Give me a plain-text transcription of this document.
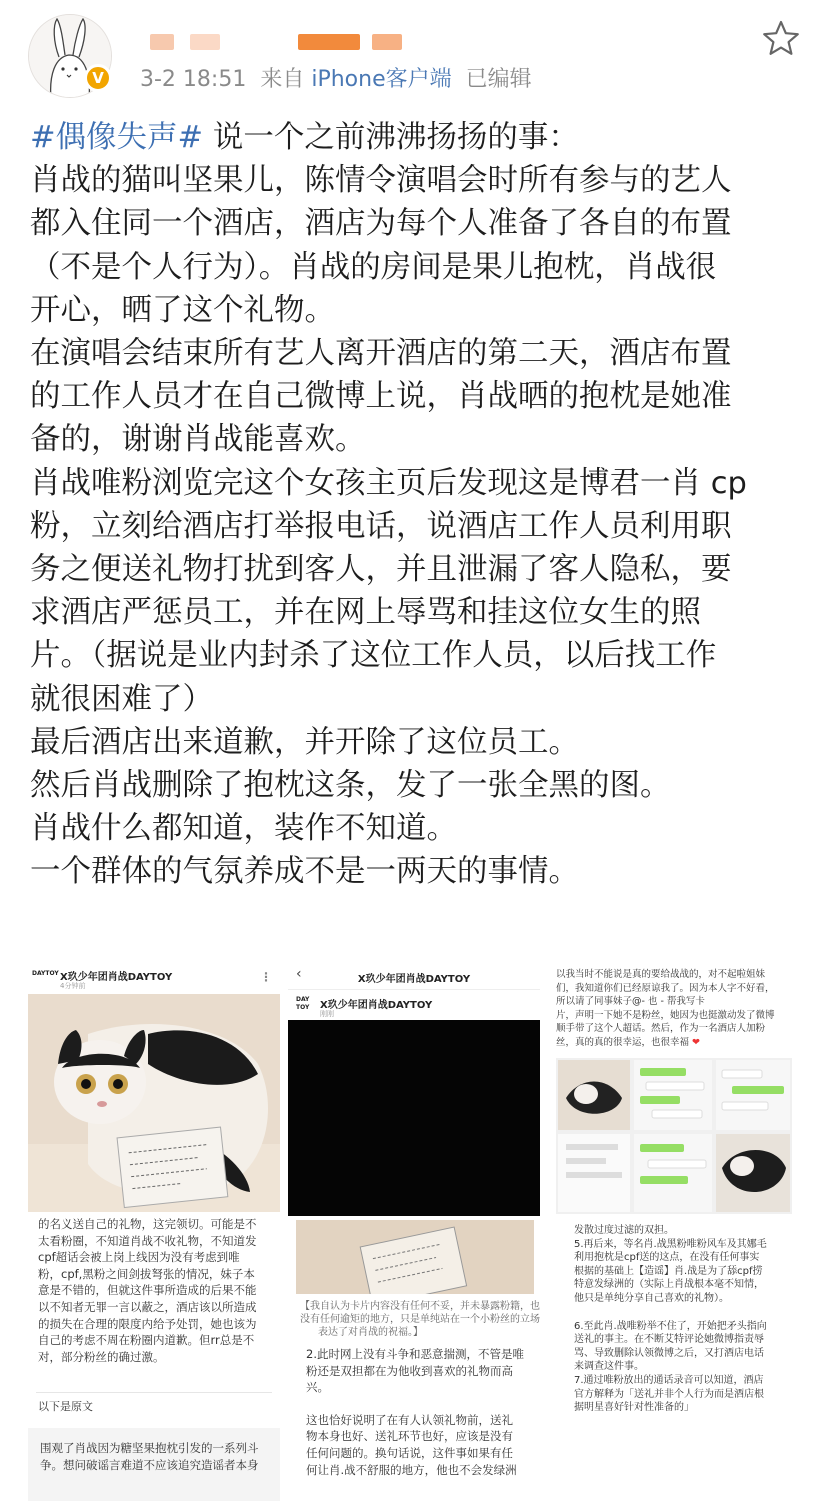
V	3-2 18:51 来自 iPhone客户端 已编辑

#偶像失声# 说一个之前沸沸扬扬的事：

肖战的猫叫坚果儿，陈情令演唱会时所有参与的艺人

都入住同一个酒店，酒店为每个人准备了各自的布置

（不是个人行为）。肖战的房间是果儿抱枕，肖战很

开心，晒了这个礼物。

在演唱会结束所有艺人离开酒店的第二天，酒店布置

的工作人员才在自己微博上说，肖战晒的抱枕是她准

备的，谢谢肖战能喜欢。

肖战唯粉浏览完这个女孩主页后发现这是博君一肖 cp

粉，立刻给酒店打举报电话，说酒店工作人员利用职

务之便送礼物打扰到客人，并且泄漏了客人隐私，要

求酒店严惩员工，并在网上辱骂和挂这位女生的照

片。（据说是业内封杀了这位工作人员，以后找工作

就很困难了）

最后酒店出来道歉，并开除了这位员工。

然后肖战删除了抱枕这条，发了一张全黑的图。

肖战什么都知道，装作不知道。

一个群体的气氛养成不是一两天的事情。

DAYTOY X玖少年团肖战DAYTOY
4分钟前
⋮
的名义送自己的礼物，这完领切。可能是不
太看粉圈，不知道肖战不收礼物，不知道发
cpf超话会被上岗上线因为没有考虑到唯
粉，cpf,黑粉之间剑拔弩张的情况，妹子本
意是不错的，但就这件事所造成的后果不能
以不知者无罪一言以蔽之，酒店该以所造成
的损失在合理的限度内给予处罚，她也该为
自己的考虑不周在粉圈内道歉。但rr总是不
对，部分粉丝的确过激。
以下是原文
围观了肖战因为糖坚果抱枕引发的一系列斗
争。想问破谣言难道不应该追究造谣者本身
‹	X玖少年团肖战DAYTOY
DAY
TOY	X玖少年团肖战DAYTOY
刚刚
【我自认为卡片内容没有任何不妥，并未暴露粉籍，也
没有任何逾矩的地方，只是单纯站在一个小粉丝的立场
表达了对肖战的祝福。】
2.此时网上没有斗争和恶意揣测，不管是唯
粉还是双担都在为他收到喜欢的礼物而高
兴。
这也恰好说明了在有人认领礼物前，送礼
物本身也好、送礼环节也好，应该是没有
任何问题的。换句话说，这件事如果有任
何让肖.战不舒服的地方，他也不会发绿洲
以我当时不能说是真的要给战战的，对不起啦姐妹
们，我知道你们已经原谅我了。因为本人字不好看，
所以请了同事妹子@- 也 - 帮我写卡
片，声明一下她不是粉丝，她因为也挺激动发了微博
顺手带了这个人超话。然后，作为一名酒店人加粉
丝，真的真的很幸运，也很幸福 ❤
发散过度过滤的双担。
5.再后来，等名肖.战黑粉唯粉风车及其娜毛
利用抱枕是cpf送的这点，在没有任何事实
根据的基础上【造谣】肖.战是为了舔cpf捞
特意发绿洲的（实际上肖战根本毫不知情，
他只是单纯分享自己喜欢的礼物）。
6.至此肖.战唯粉举不住了，开始把矛头指向
送礼的事主。在不断艾特评论她微博指责辱
骂、导致删除认领微博之后，又打酒店电话
来调查这件事。
7.通过唯粉放出的通话录音可以知道，酒店
官方解释为「送礼并非个人行为而是酒店根
据明星喜好针对性准备的」
